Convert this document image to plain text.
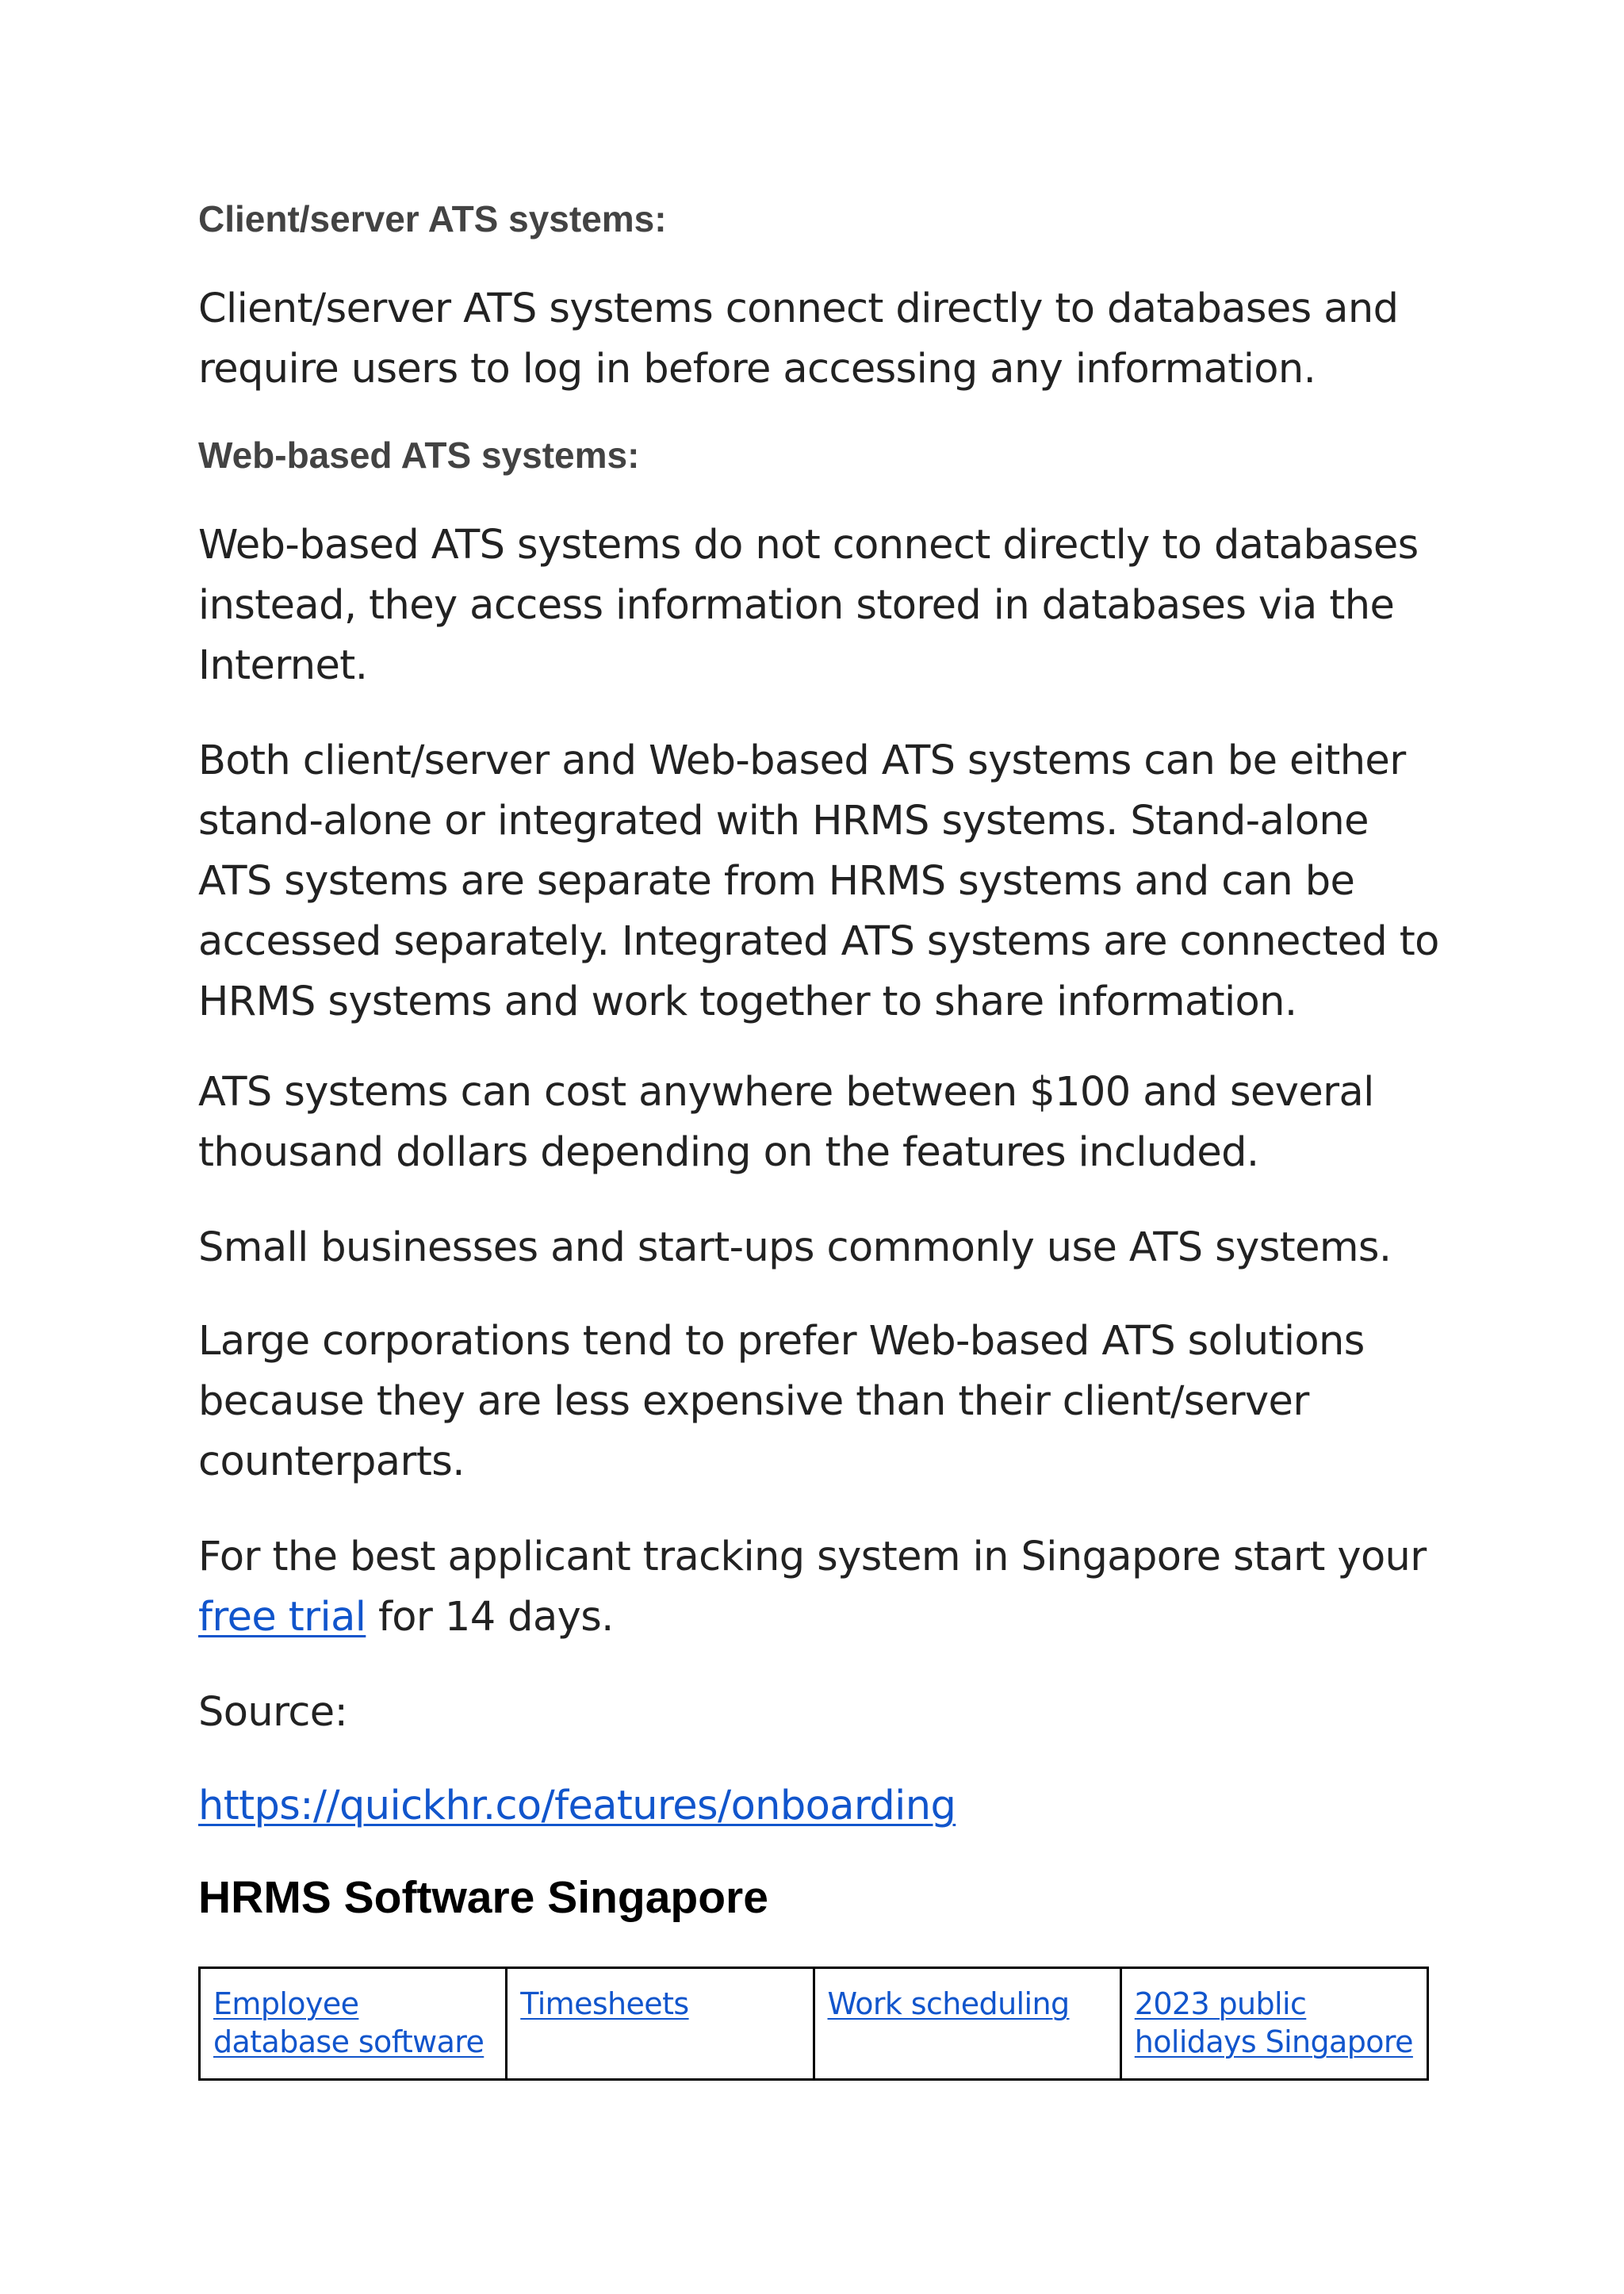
Client/server ATS systems:

Client/server ATS systems connect directly to databases and require users to log in before accessing any information.

Web-based ATS systems:

Web-based ATS systems do not connect directly to databases instead, they access information stored in databases via the Internet.

Both client/server and Web-based ATS systems can be either stand-alone or integrated with HRMS systems. Stand-alone ATS systems are separate from HRMS systems and can be accessed separately. Integrated ATS systems are connected to HRMS systems and work together to share information.

ATS systems can cost anywhere between $100 and several thousand dollars depending on the features included.

Small businesses and start-ups commonly use ATS systems.

Large corporations tend to prefer Web-based ATS solutions because they are less expensive than their client/server counterparts.

For the best applicant tracking system in Singapore start your free trial for 14 days.

Source:

https://quickhr.co/features/onboarding

HRMS Software Singapore
Employee database software	Timesheets	Work scheduling	2023 public holidays Singapore
